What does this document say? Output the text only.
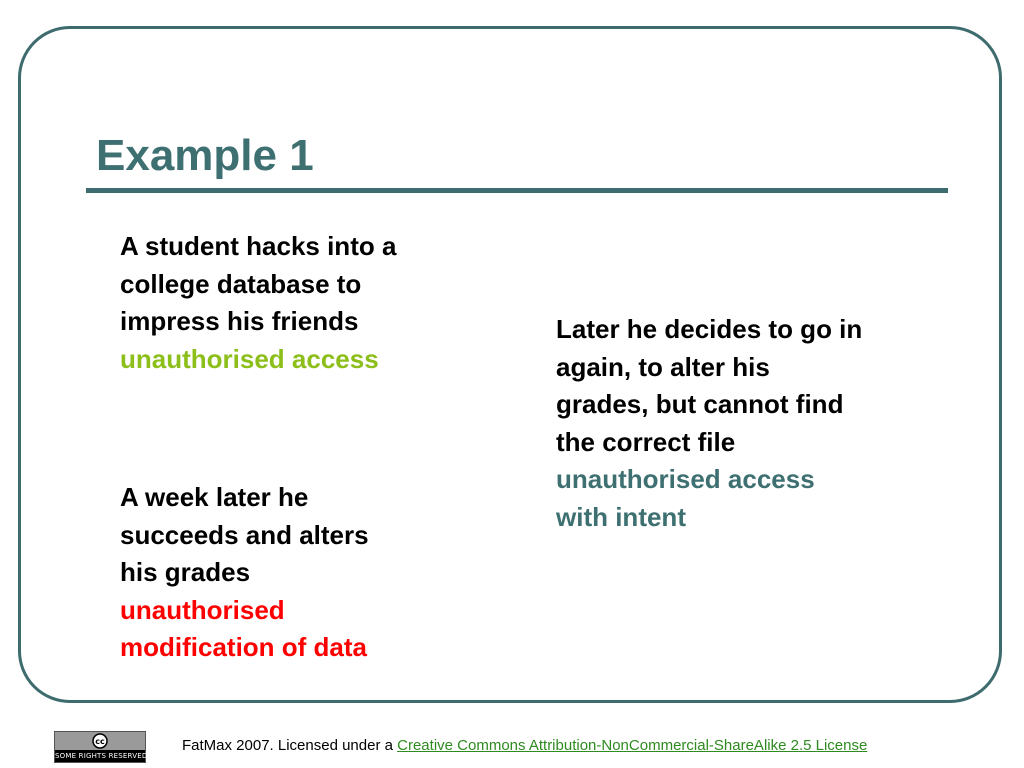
Example 1
A student hacks into a
college database to
impress his friends
unauthorised access
A week later he
succeeds and alters
his grades
unauthorised
modification of data
Later he decides to go in
again, to alter his
grades, but cannot find
the correct file
unauthorised access
with intent
cc
SOME RIGHTS RESERVED
FatMax 2007. Licensed under a Creative Commons Attribution-NonCommercial-ShareAlike 2.5 License
